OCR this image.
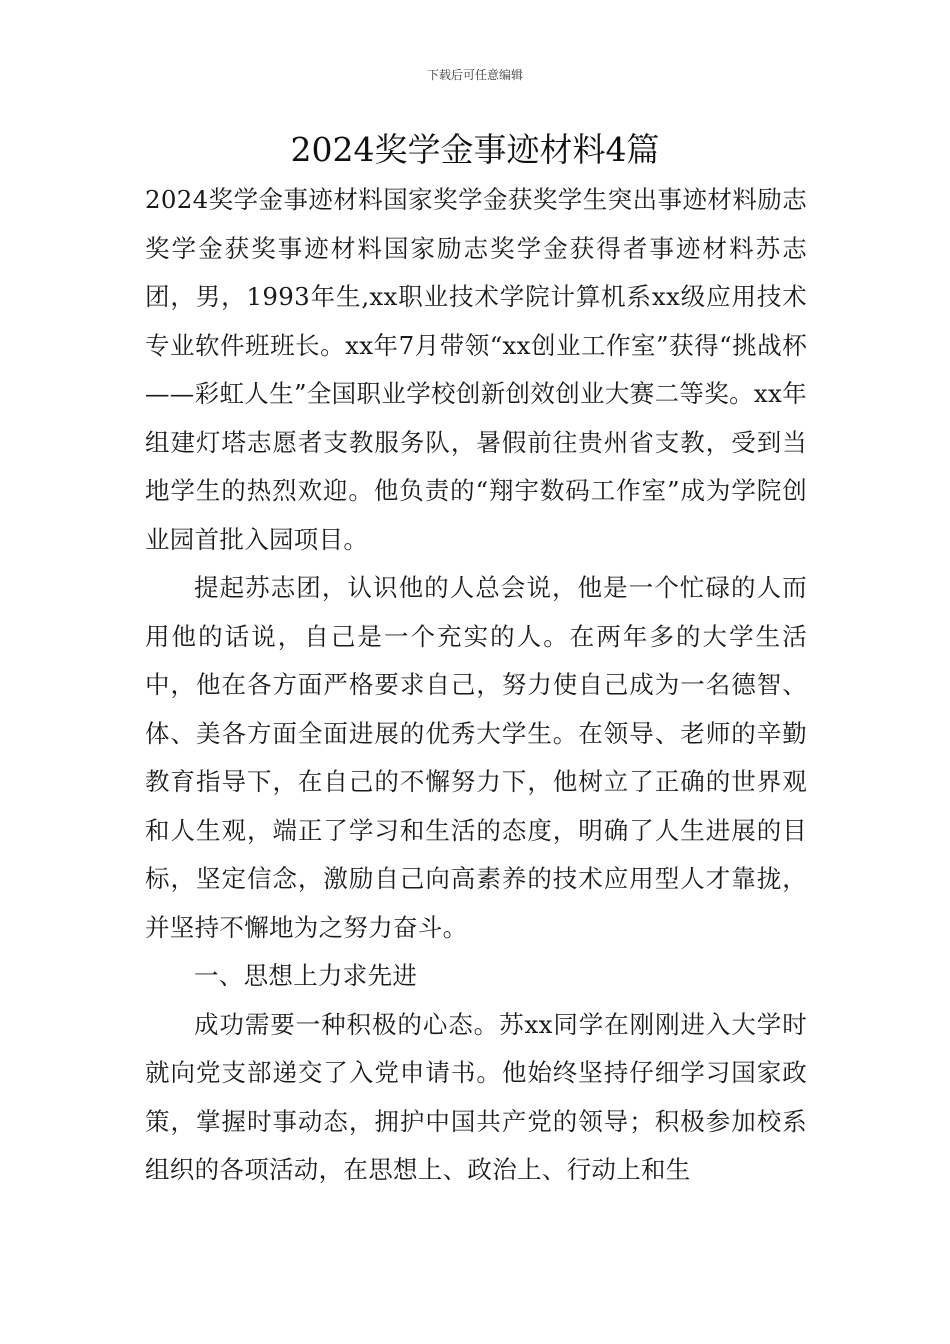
下载后可任意编辑
2024奖学金事迹材料4篇

2024奖学金事迹材料国家奖学金获奖学生突出事迹材料励志奖学金获奖事迹材料国家励志奖学金获得者事迹材料苏志团，男，1993年生,xx职业技术学院计算机系xx级应用技术专业软件班班长。xx年7月带领“xx创业工作室”获得“挑战杯——彩虹人生”全国职业学校创新创效创业大赛二等奖。xx年组建灯塔志愿者支教服务队，暑假前往贵州省支教，受到当地学生的热烈欢迎。他负责的“翔宇数码工作室”成为学院创业园首批入园项目。

提起苏志团，认识他的人总会说，他是一个忙碌的人而用他的话说，自己是一个充实的人。在两年多的大学生活中，他在各方面严格要求自己，努力使自己成为一名德智、体、美各方面全面进展的优秀大学生。在领导、老师的辛勤教育指导下，在自己的不懈努力下，他树立了正确的世界观和人生观，端正了学习和生活的态度，明确了人生进展的目标，坚定信念，激励自己向高素养的技术应用型人才靠拢，并坚持不懈地为之努力奋斗。

一、思想上力求先进

成功需要一种积极的心态。苏xx同学在刚刚进入大学时就向党支部递交了入党申请书。他始终坚持仔细学习国家政策，掌握时事动态，拥护中国共产党的领导；积极参加校系组织的各项活动，在思想上、政治上、行动上和生
